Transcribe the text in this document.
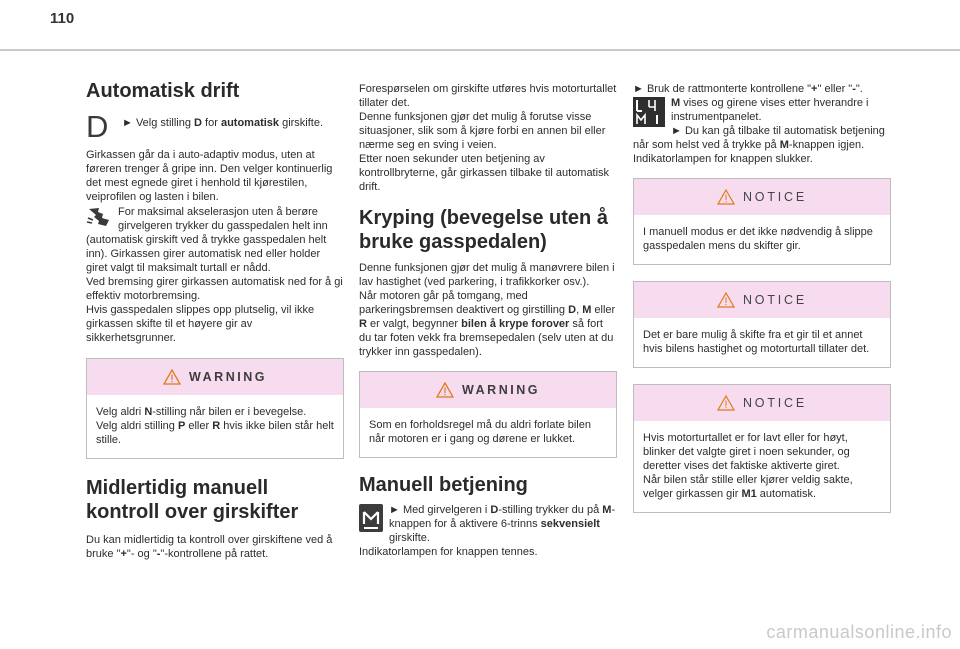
110
Automatisk drift
D	► Velg stilling D for automatisk girskifte.

Girkassen går da i auto-adaptiv modus, uten at føreren trenger å gripe inn. Den velger kontinuerlig det mest egnede giret i henhold til kjørestilen, veiprofilen og lasten i bilen.

For maksimal akselerasjon uten å berøre girvelgeren trykker du gasspedalen helt inn (automatisk girskift ved å trykke gasspedalen helt inn). Girkassen girer automatisk ned eller holder giret valgt til maksimalt turtall er nådd.

Ved bremsing girer girkassen automatisk ned for å gi effektiv motorbremsing.

Hvis gasspedalen slippes opp plutselig, vil ikke girkassen skifte til et høyere gir av sikkerhetsgrunner.

WARNING

Velg aldri N-stilling når bilen er i bevegelse.
Velg aldri stilling P eller R hvis ikke bilen står helt stille.

Midlertidig manuell kontroll over girskifter

Du kan midlertidig ta kontroll over girskiftene ved å bruke "+"- og "-"-kontrollene på rattet.

Forespørselen om girskifte utføres hvis motorturtallet tillater det.

Denne funksjonen gjør det mulig å forutse visse situasjoner, slik som å kjøre forbi en annen bil eller nærme seg en sving i veien.

Etter noen sekunder uten betjening av kontrollbryterne, går girkassen tilbake til automatisk drift.

Kryping (bevegelse uten å bruke gasspedalen)

Denne funksjonen gjør det mulig å manøvrere bilen i lav hastighet (ved parkering, i trafikkorker osv.).

Når motoren går på tomgang, med parkeringsbremsen deaktivert og girstilling D, M eller R er valgt, begynner bilen å krype forover så fort du tar foten vekk fra bremsepedalen (selv uten at du trykker inn gasspedalen).

WARNING

Som en forholdsregel må du aldri forlate bilen når motoren er i gang og dørene er lukket.

Manuell betjening

► Med girvelgeren i D-stilling trykker du på M-knappen for å aktivere 6-trinns sekvensielt girskifte.

Indikatorlampen for knappen tennes.

► Bruk de rattmonterte kontrollene "+" eller "-".

M vises og girene vises etter hverandre i instrumentpanelet.

► Du kan gå tilbake til automatisk betjening når som helst ved å trykke på M-knappen igjen.

Indikatorlampen for knappen slukker.

NOTICE

I manuell modus er det ikke nødvendig å slippe gasspedalen mens du skifter gir.

NOTICE

Det er bare mulig å skifte fra et gir til et annet hvis bilens hastighet og motorturtall tillater det.

NOTICE

Hvis motorturtallet er for lavt eller for høyt, blinker det valgte giret i noen sekunder, og deretter vises det faktiske aktiverte giret.

Når bilen står stille eller kjører veldig sakte, velger girkassen gir M1 automatisk.

carmanualsonline.info
